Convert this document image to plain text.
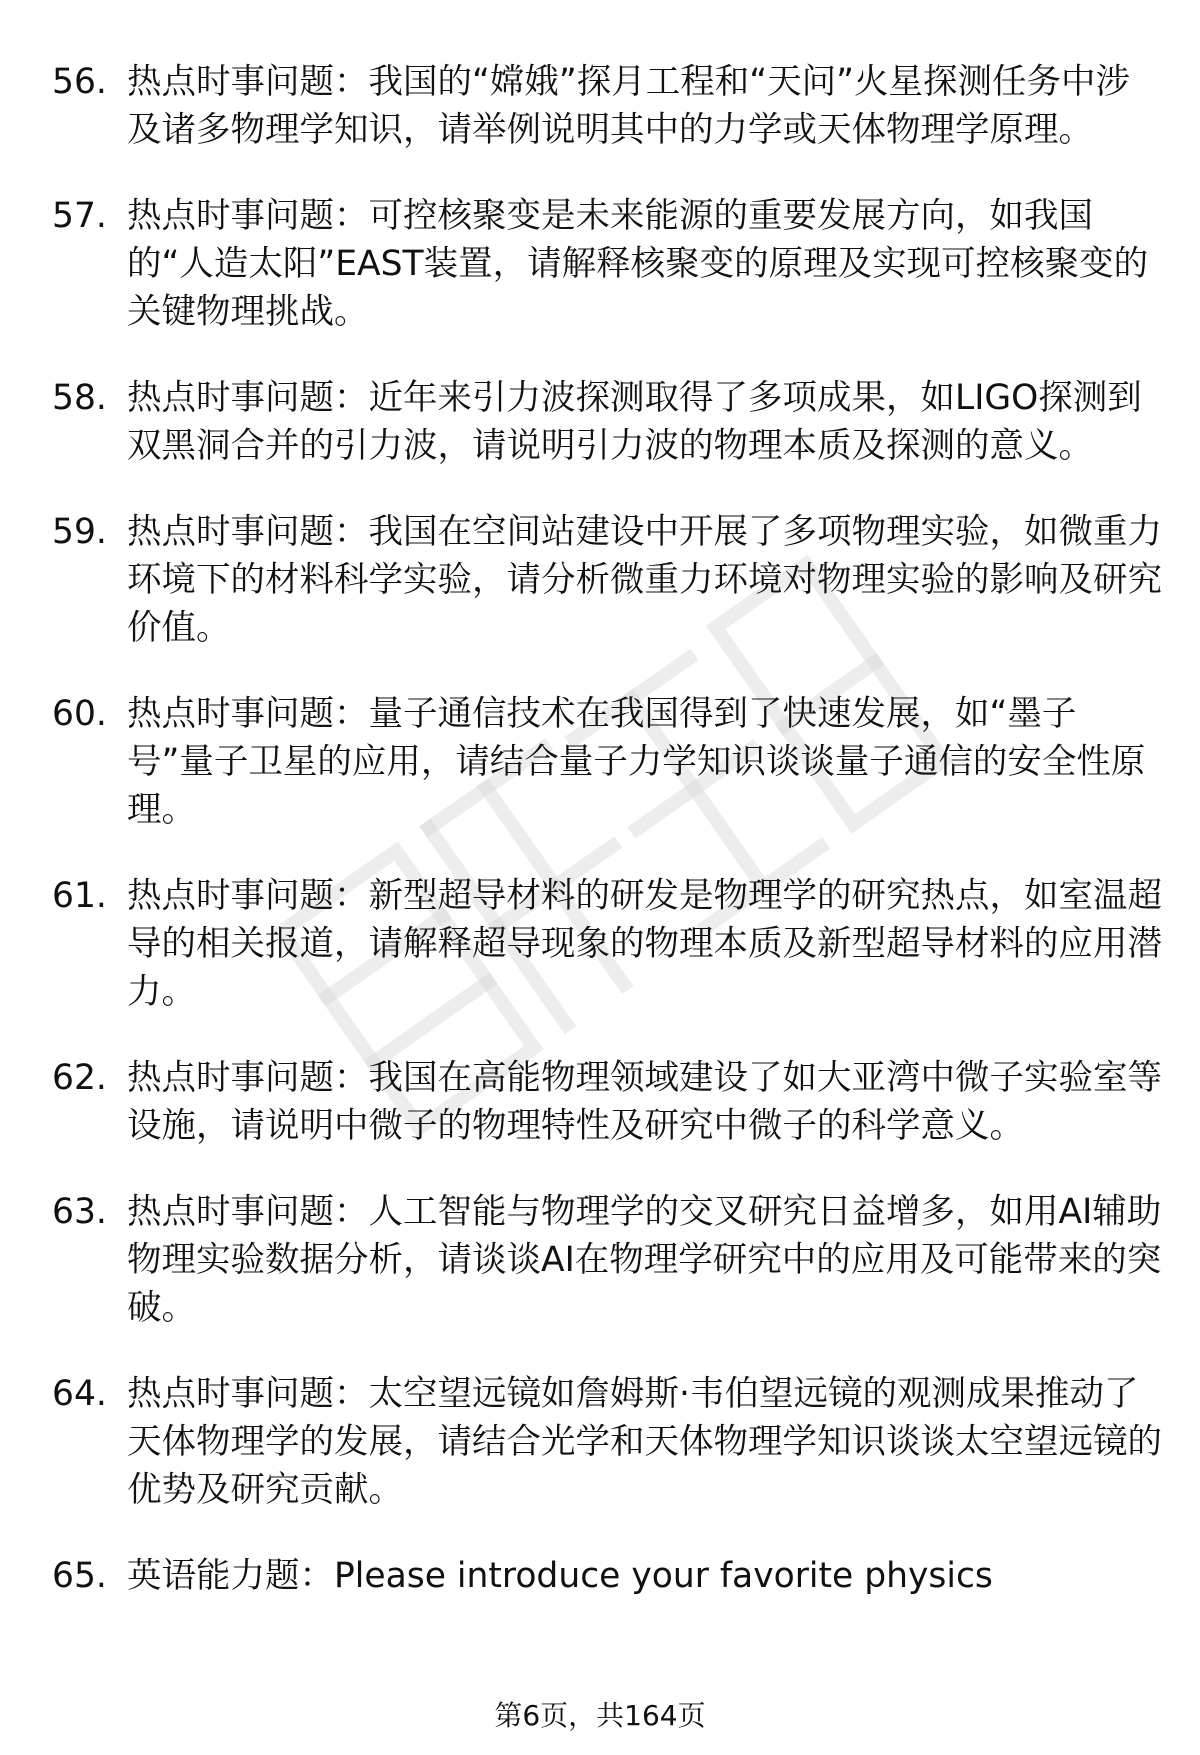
56. 热点时事问题：我国的“嫦娥”探月工程和“天问”火星探测任务中涉及诸多物理学知识，请举例说明其中的力学或天体物理学原理。
57. 热点时事问题：可控核聚变是未来能源的重要发展方向，如我国的“人造太阳”EAST装置，请解释核聚变的原理及实现可控核聚变的关键物理挑战。
58. 热点时事问题：近年来引力波探测取得了多项成果，如LIGO探测到双黑洞合并的引力波，请说明引力波的物理本质及探测的意义。
59. 热点时事问题：我国在空间站建设中开展了多项物理实验，如微重力环境下的材料科学实验，请分析微重力环境对物理实验的影响及研究价值。
60. 热点时事问题：量子通信技术在我国得到了快速发展，如“墨子号”量子卫星的应用，请结合量子力学知识谈谈量子通信的安全性原理。
61. 热点时事问题：新型超导材料的研发是物理学的研究热点，如室温超导的相关报道，请解释超导现象的物理本质及新型超导材料的应用潜力。
62. 热点时事问题：我国在高能物理领域建设了如大亚湾中微子实验室等设施，请说明中微子的物理特性及研究中微子的科学意义。
63. 热点时事问题：人工智能与物理学的交叉研究日益增多，如用AI辅助物理实验数据分析，请谈谈AI在物理学研究中的应用及可能带来的突破。
64. 热点时事问题：太空望远镜如詹姆斯·韦伯望远镜的观测成果推动了天体物理学的发展，请结合光学和天体物理学知识谈谈太空望远镜的优势及研究贡献。
65. 英语能力题：Please introduce your favorite physics
第6页，共164页
